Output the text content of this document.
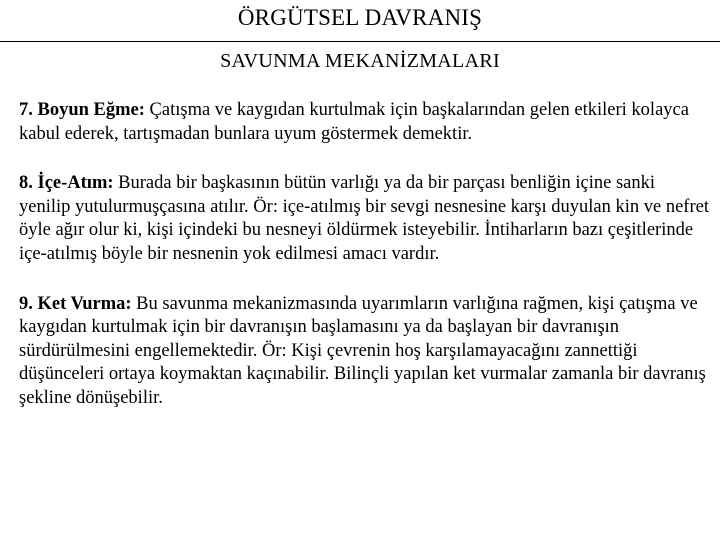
ÖRGÜTSEL DAVRANIŞ
SAVUNMA MEKANİZMALARI

7. Boyun Eğme: Çatışma ve kaygıdan kurtulmak için başkalarından gelen etkileri kolayca kabul ederek, tartışmadan bunlara uyum göstermek demektir.

8. İçe-Atım: Burada bir başkasının bütün varlığı ya da bir parçası benliğin içine sanki yenilip yutulurmuşçasına atılır. Ör: içe-atılmış bir sevgi nesnesine karşı duyulan kin ve nefret öyle ağır olur ki, kişi içindeki bu nesneyi öldürmek isteyebilir. İntiharların bazı çeşitlerinde içe-atılmış böyle bir nesnenin yok edilmesi amacı vardır.

9. Ket Vurma: Bu savunma mekanizmasında uyarımların varlığına rağmen, kişi çatışma ve kaygıdan kurtulmak için bir davranışın başlamasını ya da başlayan bir davranışın sürdürülmesini engellemektedir. Ör: Kişi çevrenin hoş karşılamayacağını zannettiği düşünceleri ortaya koymaktan kaçınabilir. Bilinçli yapılan ket vurmalar zamanla bir davranış şekline dönüşebilir.
